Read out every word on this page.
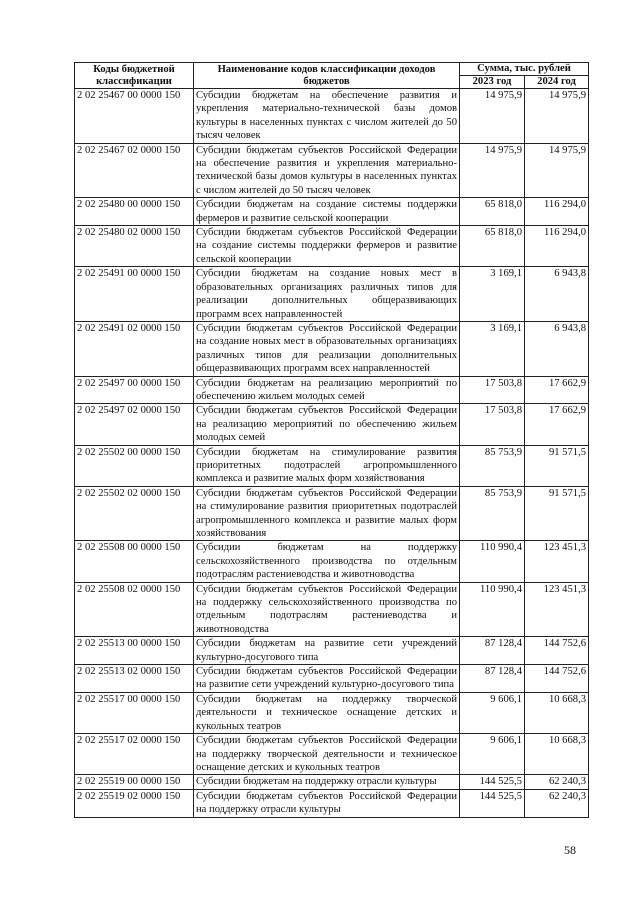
Коды бюджетной классификации	Наименование кодов классификации доходов бюджетов	Сумма, тыс. рублей	
		2023 год	2024 год
2 02 25467 00 0000 150	Субсидии бюджетам на обеспечение развития и укрепления материально-технической базы домов культуры в населенных пунктах с числом жителей до 50 тысяч человек	14 975,9	14 975,9
2 02 25467 02 0000 150	Субсидии бюджетам субъектов Российской Федерации на обеспечение развития и укрепления материально-технической базы домов культуры в населенных пунктах с числом жителей до 50 тысяч человек	14 975,9	14 975,9
2 02 25480 00 0000 150	Субсидии бюджетам на создание системы поддержки фермеров и развитие сельской кооперации	65 818,0	116 294,0
2 02 25480 02 0000 150	Субсидии бюджетам субъектов Российской Федерации на создание системы поддержки фермеров и развитие сельской кооперации	65 818,0	116 294,0
2 02 25491 00 0000 150	Субсидии бюджетам на создание новых мест в образовательных организациях различных типов для реализации дополнительных общеразвивающих программ всех направленностей	3 169,1	6 943,8
2 02 25491 02 0000 150	Субсидии бюджетам субъектов Российской Федерации на создание новых мест в образовательных организациях различных типов для реализации дополнительных общеразвивающих программ всех направленностей	3 169,1	6 943,8
2 02 25497 00 0000 150	Субсидии бюджетам на реализацию мероприятий по обеспечению жильем молодых семей	17 503,8	17 662,9
2 02 25497 02 0000 150	Субсидии бюджетам субъектов Российской Федерации на реализацию мероприятий по обеспечению жильем молодых семей	17 503,8	17 662,9
2 02 25502 00 0000 150	Субсидии бюджетам на стимулирование развития приоритетных подотраслей агропромышленного комплекса и развитие малых форм хозяйствования	85 753,9	91 571,5
2 02 25502 02 0000 150	Субсидии бюджетам субъектов Российской Федерации на стимулирование развития приоритетных подотраслей агропромышленного комплекса и развитие малых форм хозяйствования	85 753,9	91 571,5
2 02 25508 00 0000 150	Субсидии бюджетам на поддержку сельскохозяйственного производства по отдельным подотраслям растениеводства и животноводства	110 990,4	123 451,3
2 02 25508 02 0000 150	Субсидии бюджетам субъектов Российской Федерации на поддержку сельскохозяйственного производства по отдельным подотраслям растениеводства и животноводства	110 990,4	123 451,3
2 02 25513 00 0000 150	Субсидии бюджетам на развитие сети учреждений культурно-досугового типа	87 128,4	144 752,6
2 02 25513 02 0000 150	Субсидии бюджетам субъектов Российской Федерации на развитие сети учреждений культурно-досугового типа	87 128,4	144 752,6
2 02 25517 00 0000 150	Субсидии бюджетам на поддержку творческой деятельности и техническое оснащение детских и кукольных театров	9 606,1	10 668,3
2 02 25517 02 0000 150	Субсидии бюджетам субъектов Российской Федерации на поддержку творческой деятельности и техническое оснащение детских и кукольных театров	9 606,1	10 668,3
2 02 25519 00 0000 150	Субсидии бюджетам на поддержку отрасли культуры	144 525,5	62 240,3
2 02 25519 02 0000 150	Субсидии бюджетам субъектов Российской Федерации на поддержку отрасли культуры	144 525,5	62 240,3
58
